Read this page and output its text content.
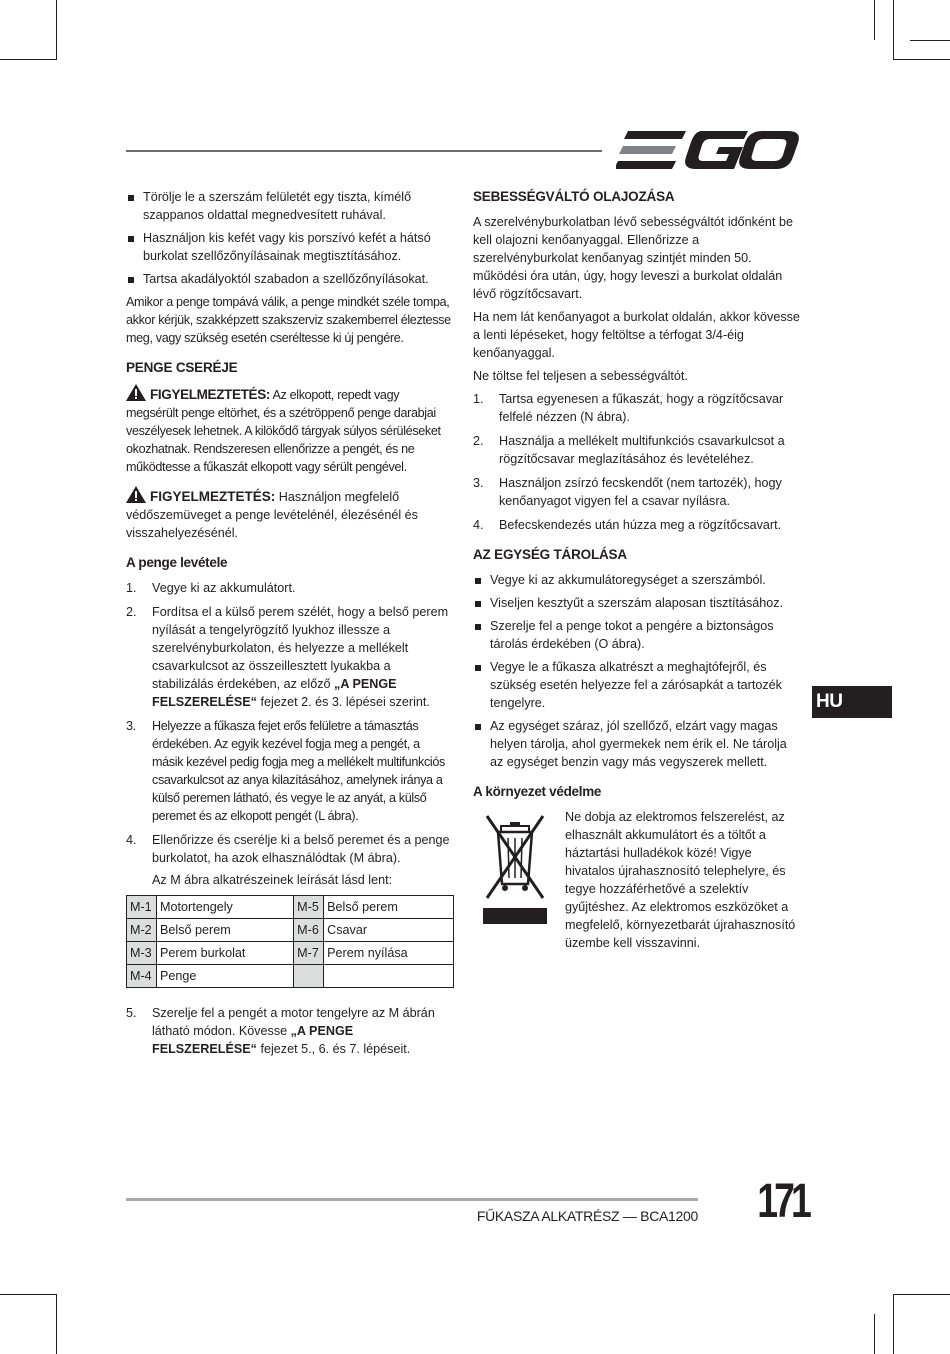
Törölje le a szerszám felületét egy tiszta, kímélő szappanos oldattal megnedvesített ruhával.
Használjon kis kefét vagy kis porszívó kefét a hátsó burkolat szellőzőnyílásainak megtisztításához.
Tartsa akadályoktól szabadon a szellőzőnyílásokat.

Amikor a penge tompává válik, a penge mindkét széle tompa, akkor kérjük, szakképzett szakszerviz szakemberrel éleztesse meg, vagy szükség esetén cseréltesse ki új pengére.

PENGE CSERÉJE
FIGYELMEZTETÉS: Az elkopott, repedt vagy megsérült penge eltörhet, és a szétröppenő penge darabjai veszélyesek lehetnek. A kilökődő tárgyak súlyos sérüléseket okozhatnak. Rendszeresen ellenőrizze a pengét, és ne működtesse a fűkaszát elkopott vagy sérült pengével.
FIGYELMEZTETÉS: Használjon megfelelő védőszemüveget a penge levételénél, élezésénél és visszahelyezésénél.
A penge levétele
1. Vegye ki az akkumulátort.
2. Fordítsa el a külső perem szélét, hogy a belső perem nyílását a tengelyrögzítő lyukhoz illessze a szerelvényburkolaton, és helyezze a mellékelt csavarkulcsot az összeillesztett lyukakba a stabilizálás érdekében, az előző „A PENGE FELSZERELÉSE“ fejezet 2. és 3. lépései szerint.
3. Helyezze a fűkasza fejet erős felületre a támasztás érdekében. Az egyik kezével fogja meg a pengét, a másik kezével pedig fogja meg a mellékelt multifunkciós csavarkulcsot az anya kilazításához, amelynek iránya a külső peremen látható, és vegye le az anyát, a külső peremet és az elkopott pengét (L ábra).
4. Ellenőrizze és cserélje ki a belső peremet és a penge burkolatot, ha azok elhasználódtak (M ábra).
Az M ábra alkatrészeinek leírását lásd lent:
M-1	Motortengely	M-5	Belső perem
M-2	Belső perem	M-6	Csavar
M-3	Perem burkolat	M-7	Perem nyílása
M-4	Penge		
5. Szerelje fel a pengét a motor tengelyre az M ábrán látható módon. Kövesse „A PENGE FELSZERELÉSE“ fejezet 5., 6. és 7. lépéseit.
SEBESSÉGVÁLTÓ OLAJOZÁSA

A szerelvényburkolatban lévő sebességváltót időnként be kell olajozni kenőanyaggal. Ellenőrizze a szerelvényburkolat kenőanyag szintjét minden 50. működési óra után, úgy, hogy leveszi a burkolat oldalán lévő rögzítőcsavart.

Ha nem lát kenőanyagot a burkolat oldalán, akkor kövesse a lenti lépéseket, hogy feltöltse a térfogat 3/4-éig kenőanyaggal.

Ne töltse fel teljesen a sebességváltót.

1. Tartsa egyenesen a fűkaszát, hogy a rögzítőcsavar felfelé nézzen (N ábra).
2. Használja a mellékelt multifunkciós csavarkulcsot a rögzítőcsavar meglazításához és levételéhez.
3. Használjon zsírzó fecskendőt (nem tartozék), hogy kenőanyagot vigyen fel a csavar nyílásra.
4. Befecskendezés után húzza meg a rögzítőcsavart.
AZ EGYSÉG TÁROLÁSA
Vegye ki az akkumulátoregységet a szerszámból.
Viseljen kesztyűt a szerszám alaposan tisztításához.
Szerelje fel a penge tokot a pengére a biztonságos tárolás érdekében (O ábra).
Vegye le a fűkasza alkatrészt a meghajtófejről, és szükség esetén helyezze fel a zárósapkát a tartozék tengelyre.
Az egységet száraz, jól szellőző, elzárt vagy magas helyen tárolja, ahol gyermekek nem érik el. Ne tárolja az egységet benzin vagy más vegyszerek mellett.
A környezet védelme

Ne dobja az elektromos felszerelést, az elhasznált akkumulátort és a töltőt a háztartási hulladékok közé! Vigye hivatalos újrahasznosító telephelyre, és tegye hozzáférhetővé a szelektív gyűjtéshez. Az elektromos eszközöket a megfelelő, környezetbarát újrahasznosító üzembe kell visszavinni.

HU
FŰKASZA ALKATRÉSZ — BCA1200 171
